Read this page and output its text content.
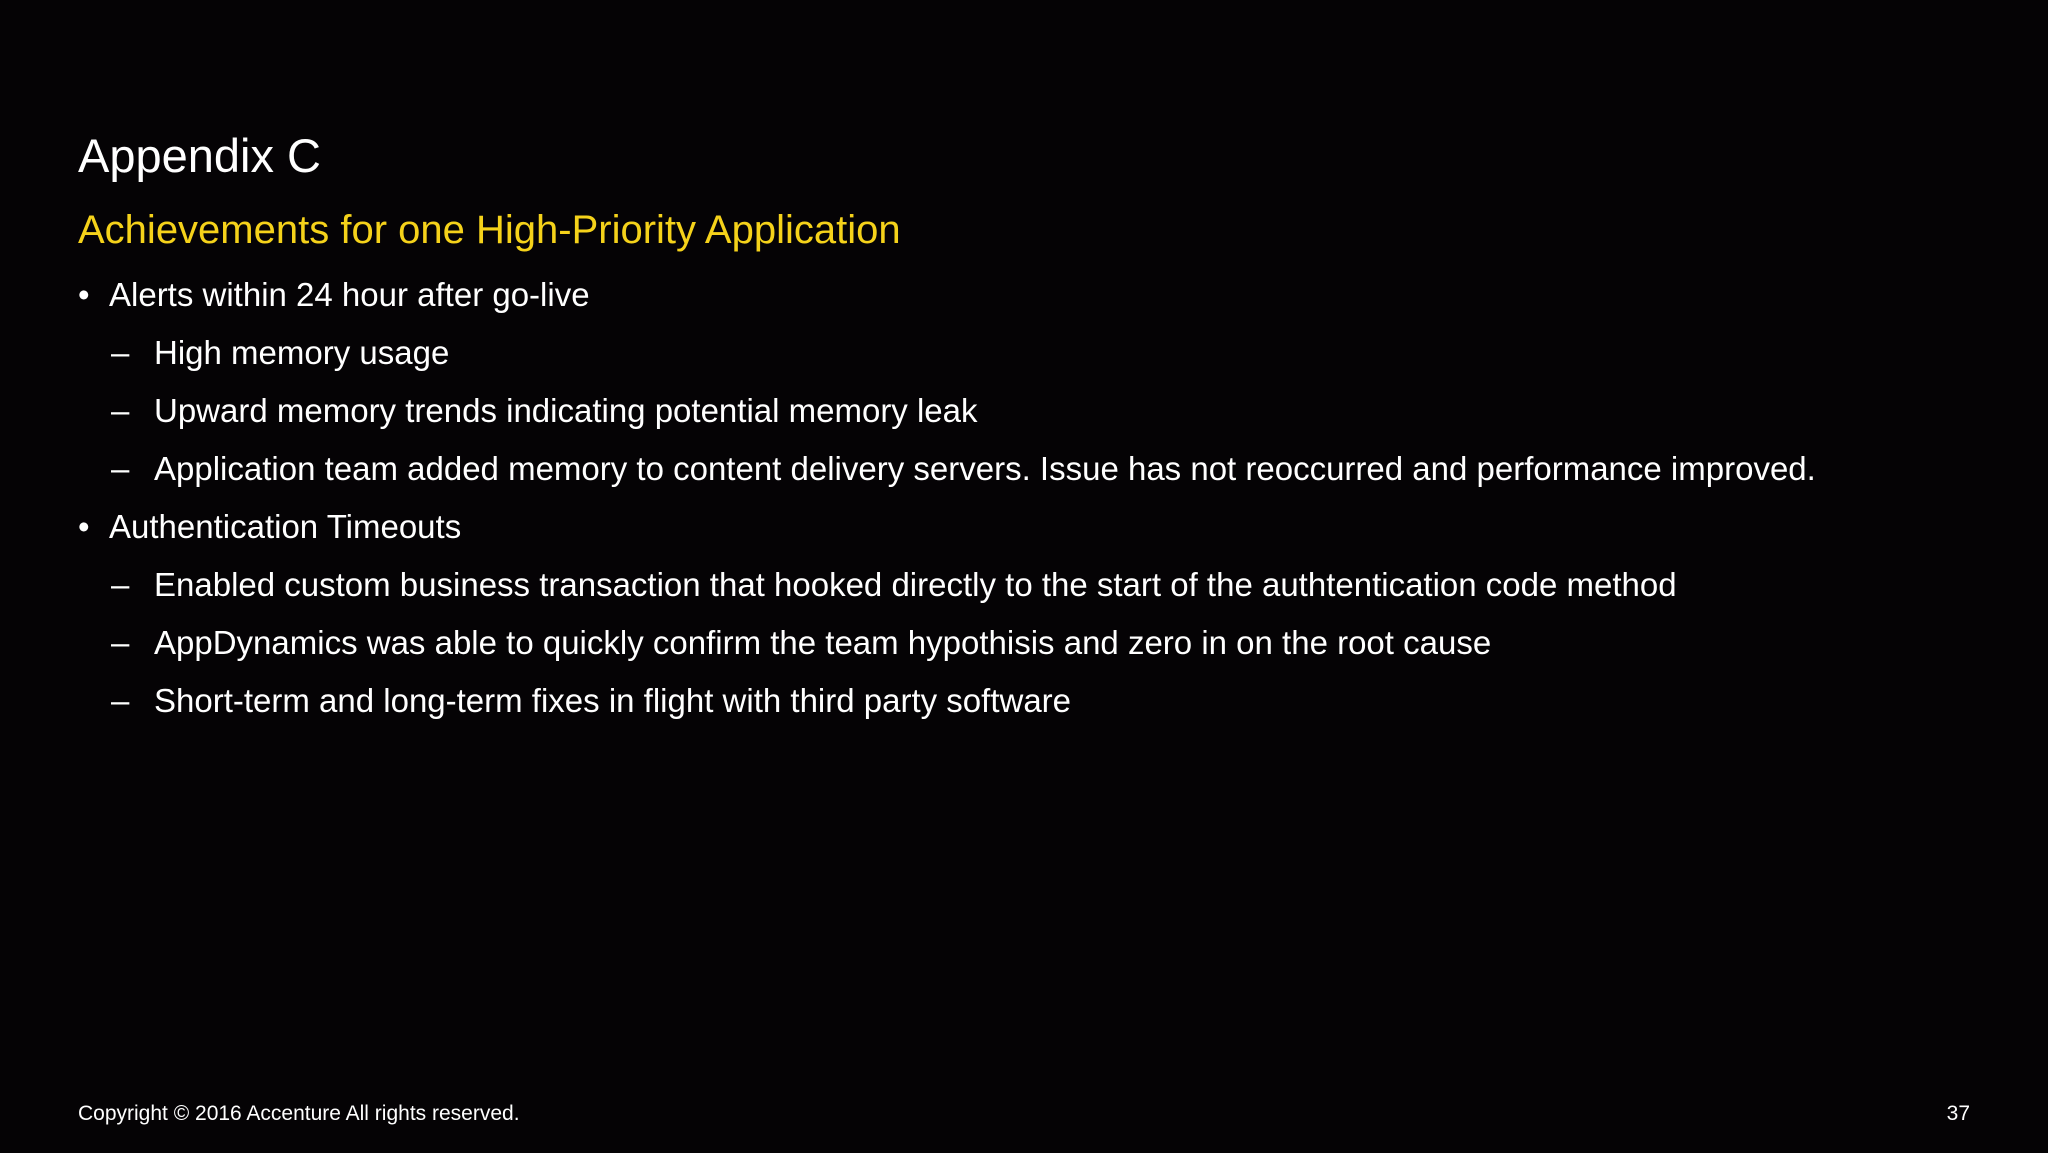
Appendix C
Achievements for one High-Priority Application
• Alerts within 24 hour after go-live
– High memory usage
– Upward memory trends indicating potential memory leak
– Application team added memory to content delivery servers. Issue has not reoccurred and performance improved.
• Authentication Timeouts
– Enabled custom business transaction that hooked directly to the start of the authtentication code method
– AppDynamics was able to quickly confirm the team hypothisis and zero in on the root cause
– Short-term and long-term fixes in flight with third party software
Copyright © 2016 Accenture All rights reserved.	37
